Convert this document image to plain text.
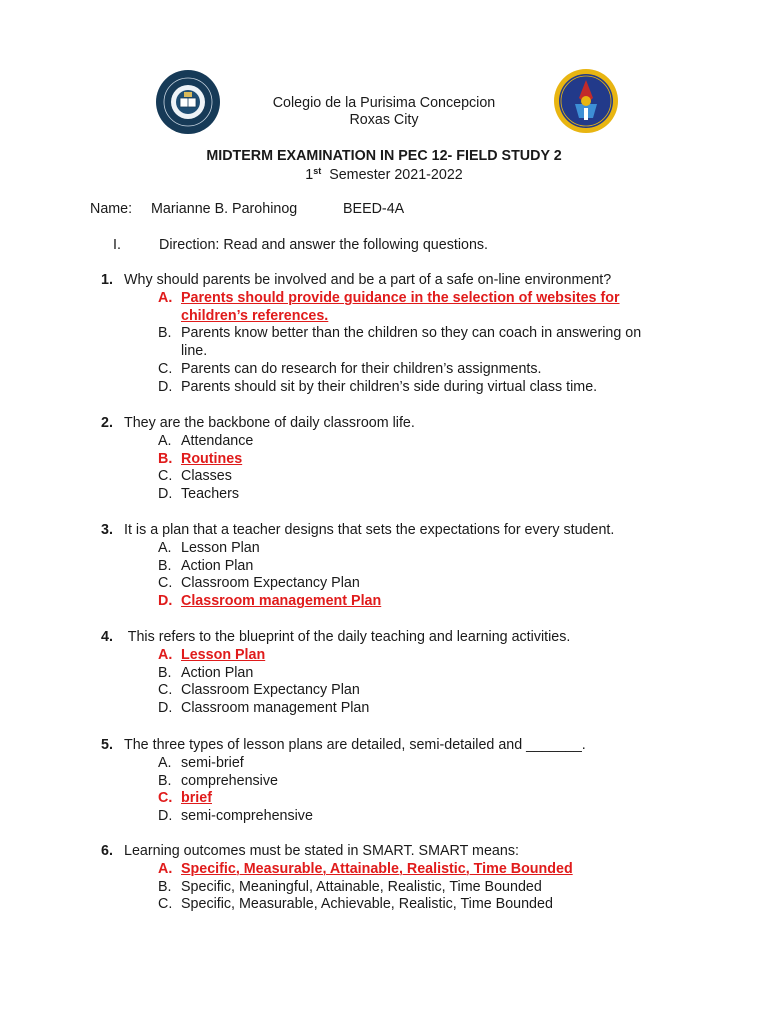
Colegio de la Purisima Concepcion
Roxas City
MIDTERM EXAMINATION IN PEC 12- FIELD STUDY 2
1st  Semester 2021-2022
Name: Marianne B. Parohinog	BEED-4A
I.	Direction: Read and answer the following questions.
1. Why should parents be involved and be a part of a safe on-line environment?
A. Parents should provide guidance in the selection of websites for children’s references.
B. Parents know better than the children so they can coach in answering on line.
C. Parents can do research for their children’s assignments.
D. Parents should sit by their children’s side during virtual class time.
2. They are the backbone of daily classroom life.
A. Attendance
B. Routines
C. Classes
D. Teachers
3. It is a plan that a teacher designs that sets the expectations for every student.
A. Lesson Plan
B. Action Plan
C. Classroom Expectancy Plan
D. Classroom management Plan
4. This refers to the blueprint of the daily teaching and learning activities.
A. Lesson Plan
B. Action Plan
C. Classroom Expectancy Plan
D. Classroom management Plan
5. The three types of lesson plans are detailed, semi-detailed and _______.
A. semi-brief
B. comprehensive
C. brief
D. semi-comprehensive
6. Learning outcomes must be stated in SMART. SMART means:
A. Specific, Measurable, Attainable, Realistic, Time Bounded
B. Specific, Meaningful, Attainable, Realistic, Time Bounded
C. Specific, Measurable, Achievable, Realistic, Time Bounded
